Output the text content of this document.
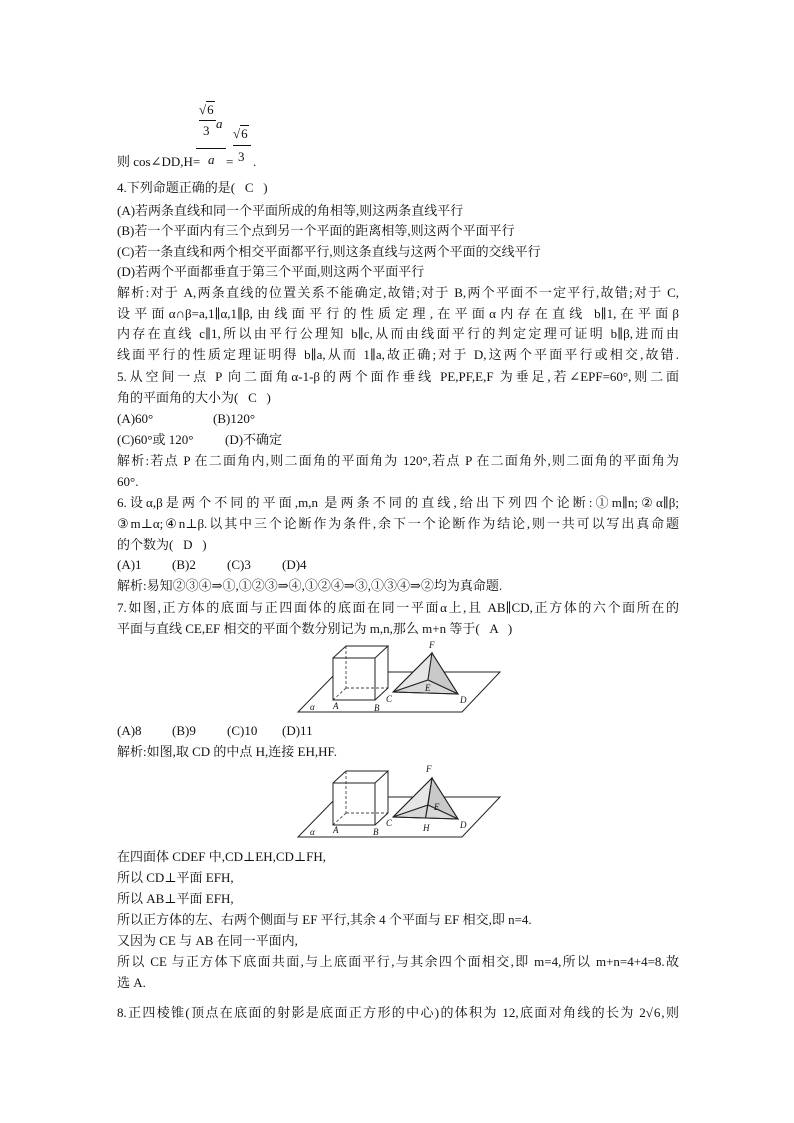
则 cos∠DD,H=
√6
3 a
a =
√6
3 .
4.下列命题正确的是(   C   )
(A)若两条直线和同一个平面所成的角相等,则这两条直线平行
(B)若一个平面内有三个点到另一个平面的距离相等,则这两个平面平行
(C)若一条直线和两个相交平面都平行,则这条直线与这两个平面的交线平行
(D)若两个平面都垂直于第三个平面,则这两个平面平行
解析:对于 A,两条直线的位置关系不能确定,故错;对于 B,两个平面不一定平行,故错;对于 C,
设平面α∩β=a,1∥α,1∥β,由线面平行的性质定理,在平面α内存在直线 b∥1,在平面β
内存在直线 c∥1,所以由平行公理知 b∥c,从而由线面平行的判定定理可证明 b∥β,进而由
线面平行的性质定理证明得 b∥a,从而 1∥a,故正确;对于 D,这两个平面平行或相交,故错.
5.从空间一点 P 向二面角α-1-β的两个面作垂线 PE,PF,E,F 为垂足,若∠EPF=60°,则二面
角的平面角的大小为(   C   )
(A)60°	(B)120°
(C)60°或 120° (D)不确定
解析:若点 P 在二面角内,则二面角的平面角为 120°,若点 P 在二面角外,则二面角的平面角为
60°.
6.设α,β是两个不同的平面,m,n 是两条不同的直线,给出下列四个论断:①m∥n;②α∥β;
③m⊥α;④n⊥β.以其中三个论断作为条件,余下一个论断作为结论,则一共可以写出真命题
的个数为(   D   )
(A)1 (B)2 (C)3 (D)4
解析:易知②③④⇒①,①②③⇒④,①②④⇒③,①③④⇒②均为真命题.
7.如图,正方体的底面与正四面体的底面在同一平面α上,且 AB∥CD,正方体的六个面所在的
平面与直线 CE,EF 相交的平面个数分别记为 m,n,那么 m+n 等于(   A   )
F
E
C	D
α A	B
(A)8 (B)9 (C)10 (D)11
解析:如图,取 CD 的中点 H,连接 EH,HF.
F
E
C	H	D
α A	B
在四面体 CDEF 中,CD⊥EH,CD⊥FH,
所以 CD⊥平面 EFH,
所以 AB⊥平面 EFH,
所以正方体的左、右两个侧面与 EF 平行,其余 4 个平面与 EF 相交,即 n=4.
又因为 CE 与 AB 在同一平面内,
所以 CE 与正方体下底面共面,与上底面平行,与其余四个面相交,即 m=4,所以 m+n=4+4=8.故
选 A.
8.正四棱锥(顶点在底面的射影是底面正方形的中心)的体积为 12,底面对角线的长为 2√6,则
